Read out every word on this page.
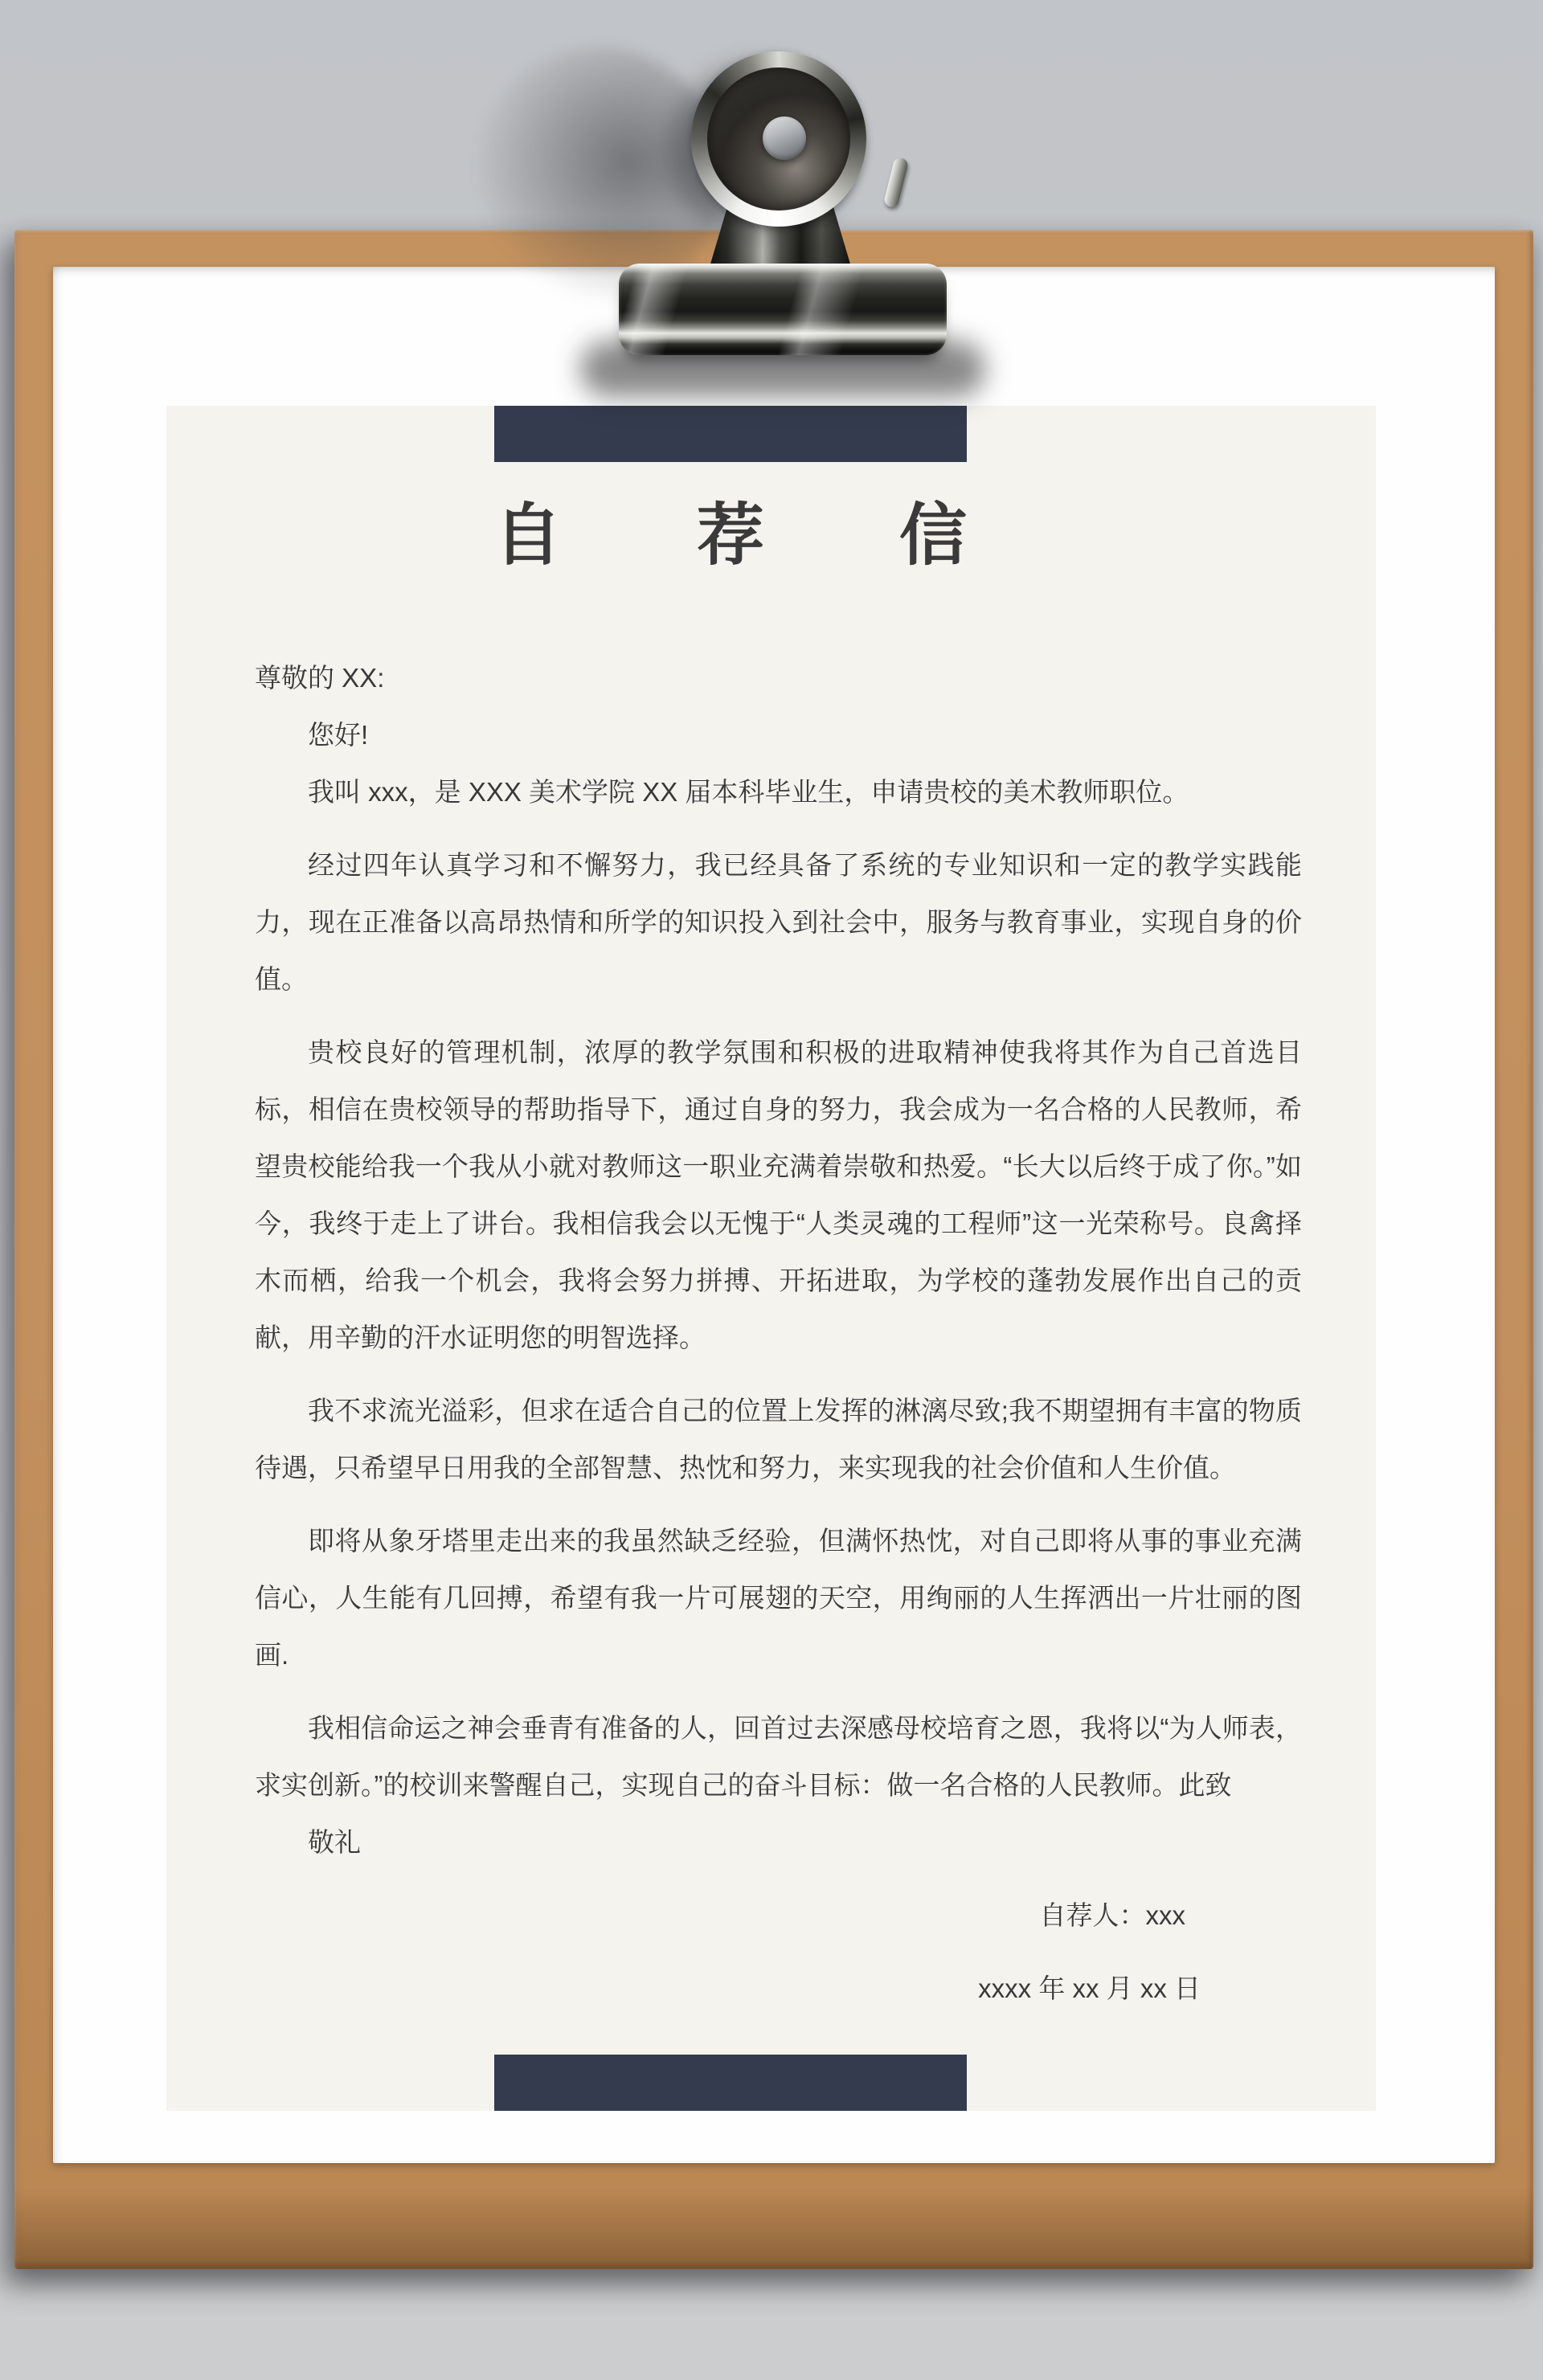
自 荐 信

尊敬的 XX:

您好!

我叫 xxx，是 XXX 美术学院 XX 届本科毕业生，申请贵校的美术教师职位。

经过四年认真学习和不懈努力，我已经具备了系统的专业知识和一定的教学实践能力，现在正准备以高昂热情和所学的知识投入到社会中，服务与教育事业，实现自身的价值。

贵校良好的管理机制，浓厚的教学氛围和积极的进取精神使我将其作为自己首选目标，相信在贵校领导的帮助指导下，通过自身的努力，我会成为一名合格的人民教师，希望贵校能给我一个我从小就对教师这一职业充满着崇敬和热爱。“长大以后终于成了你。”如今，我终于走上了讲台。我相信我会以无愧于“人类灵魂的工程师”这一光荣称号。良禽择木而栖，给我一个机会，我将会努力拼搏、开拓进取，为学校的蓬勃发展作出自己的贡献，用辛勤的汗水证明您的明智选择。

我不求流光溢彩，但求在适合自己的位置上发挥的淋漓尽致;我不期望拥有丰富的物质待遇，只希望早日用我的全部智慧、热忱和努力，来实现我的社会价值和人生价值。

即将从象牙塔里走出来的我虽然缺乏经验，但满怀热忱，对自己即将从事的事业充满信心，人生能有几回搏，希望有我一片可展翅的天空，用绚丽的人生挥洒出一片壮丽的图画.

我相信命运之神会垂青有准备的人，回首过去深感母校培育之恩，我将以“为人师表，求实创新。”的校训来警醒自己，实现自己的奋斗目标：做一名合格的人民教师。此致

敬礼

自荐人：xxx

xxxx 年 xx 月 xx 日
